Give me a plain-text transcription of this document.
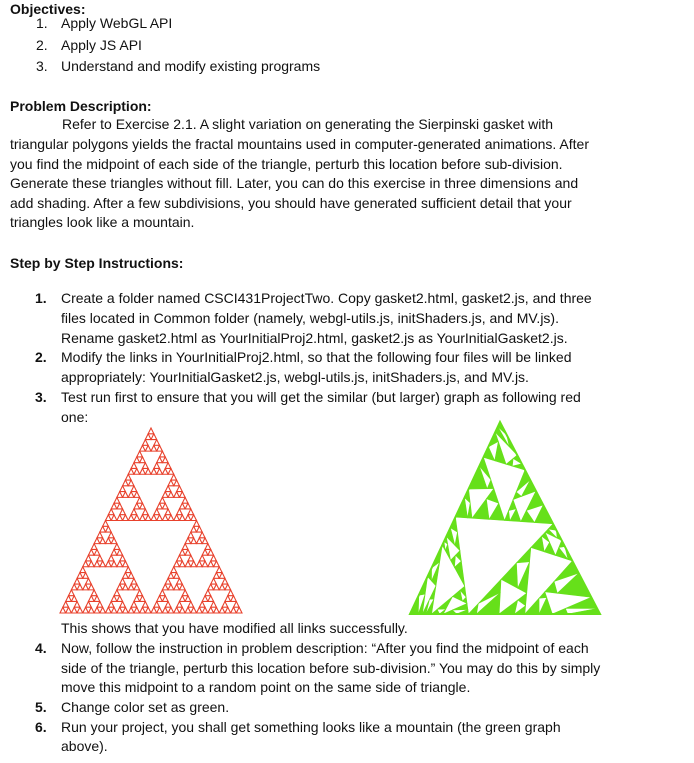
Objectives:
1. Apply WebGL API
2. Apply JS API
3. Understand and modify existing programs
Problem Description:
Refer to Exercise 2.1. A slight variation on generating the Sierpinski gasket with
triangular polygons yields the fractal mountains used in computer-generated animations. After
you find the midpoint of each side of the triangle, perturb this location before sub-division.
Generate these triangles without fill. Later, you can do this exercise in three dimensions and
add shading. After a few subdivisions, you should have generated sufficient detail that your
triangles look like a mountain.
Step by Step Instructions:
1. Create a folder named CSCI431ProjectTwo. Copy gasket2.html, gasket2.js, and three
files located in Common folder (namely, webgl-utils.js, initShaders.js, and MV.js).
Rename gasket2.html as YourInitialProj2.html, gasket2.js as YourInitialGasket2.js.
2. Modify the links in YourInitialProj2.html, so that the following four files will be linked
appropriately: YourInitialGasket2.js, webgl-utils.js, initShaders.js, and MV.js.
3. Test run first to ensure that you will get the similar (but larger) graph as following red
one:
This shows that you have modified all links successfully.
4. Now, follow the instruction in problem description: “After you find the midpoint of each
side of the triangle, perturb this location before sub-division.” You may do this by simply
move this midpoint to a random point on the same side of triangle.
5. Change color set as green.
6. Run your project, you shall get something looks like a mountain (the green graph
above).
